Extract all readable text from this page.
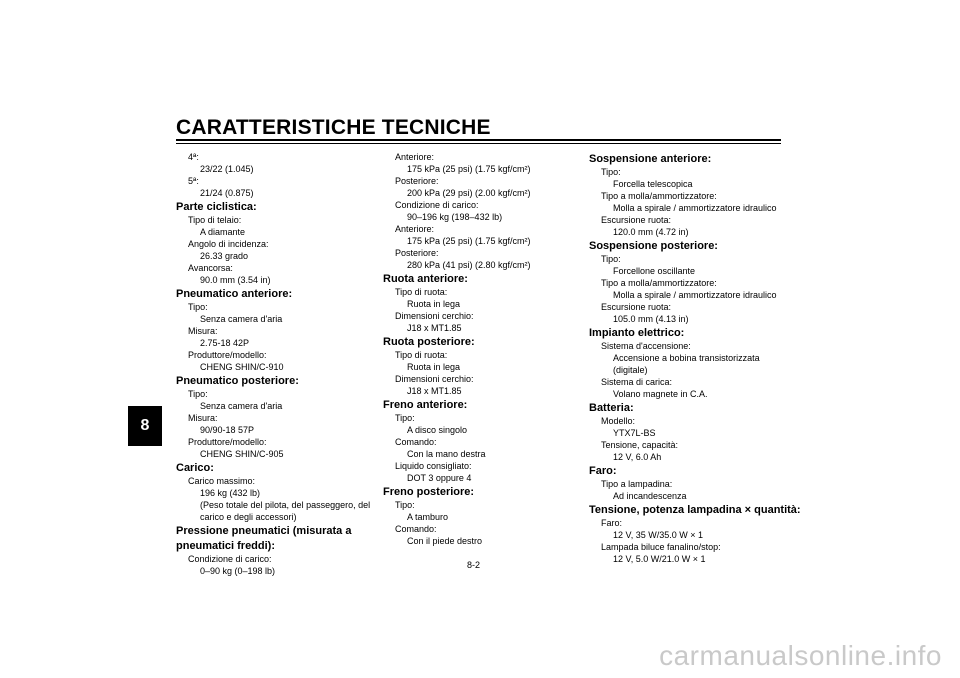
CARATTERISTICHE TECNICHE
8
4ª:
23/22 (1.045)
5ª:
21/24 (0.875)
Parte ciclistica:
Tipo di telaio:
A diamante
Angolo di incidenza:
26.33 grado
Avancorsa:
90.0 mm (3.54 in)
Pneumatico anteriore:
Tipo:
Senza camera d'aria
Misura:
2.75-18 42P
Produttore/modello:
CHENG SHIN/C-910
Pneumatico posteriore:
Tipo:
Senza camera d'aria
Misura:
90/90-18 57P
Produttore/modello:
CHENG SHIN/C-905
Carico:
Carico massimo:
196 kg (432 lb)
(Peso totale del pilota, del passeggero, del
carico e degli accessori)
Pressione pneumatici (misurata a
pneumatici freddi):
Condizione di carico:
0–90 kg (0–198 lb)
Anteriore:
175 kPa (25 psi) (1.75 kgf/cm²)
Posteriore:
200 kPa (29 psi) (2.00 kgf/cm²)
Condizione di carico:
90–196 kg (198–432 lb)
Anteriore:
175 kPa (25 psi) (1.75 kgf/cm²)
Posteriore:
280 kPa (41 psi) (2.80 kgf/cm²)
Ruota anteriore:
Tipo di ruota:
Ruota in lega
Dimensioni cerchio:
J18 x MT1.85
Ruota posteriore:
Tipo di ruota:
Ruota in lega
Dimensioni cerchio:
J18 x MT1.85
Freno anteriore:
Tipo:
A disco singolo
Comando:
Con la mano destra
Liquido consigliato:
DOT 3 oppure 4
Freno posteriore:
Tipo:
A tamburo
Comando:
Con il piede destro
Sospensione anteriore:
Tipo:
Forcella telescopica
Tipo a molla/ammortizzatore:
Molla a spirale / ammortizzatore idraulico
Escursione ruota:
120.0 mm (4.72 in)
Sospensione posteriore:
Tipo:
Forcellone oscillante
Tipo a molla/ammortizzatore:
Molla a spirale / ammortizzatore idraulico
Escursione ruota:
105.0 mm (4.13 in)
Impianto elettrico:
Sistema d'accensione:
Accensione a bobina transistorizzata
(digitale)
Sistema di carica:
Volano magnete in C.A.
Batteria:
Modello:
YTX7L-BS
Tensione, capacità:
12 V, 6.0 Ah
Faro:
Tipo a lampadina:
Ad incandescenza
Tensione, potenza lampadina × quantità:
Faro:
12 V, 35 W/35.0 W × 1
Lampada biluce fanalino/stop:
12 V, 5.0 W/21.0 W × 1
8-2
carmanualsonline.info
